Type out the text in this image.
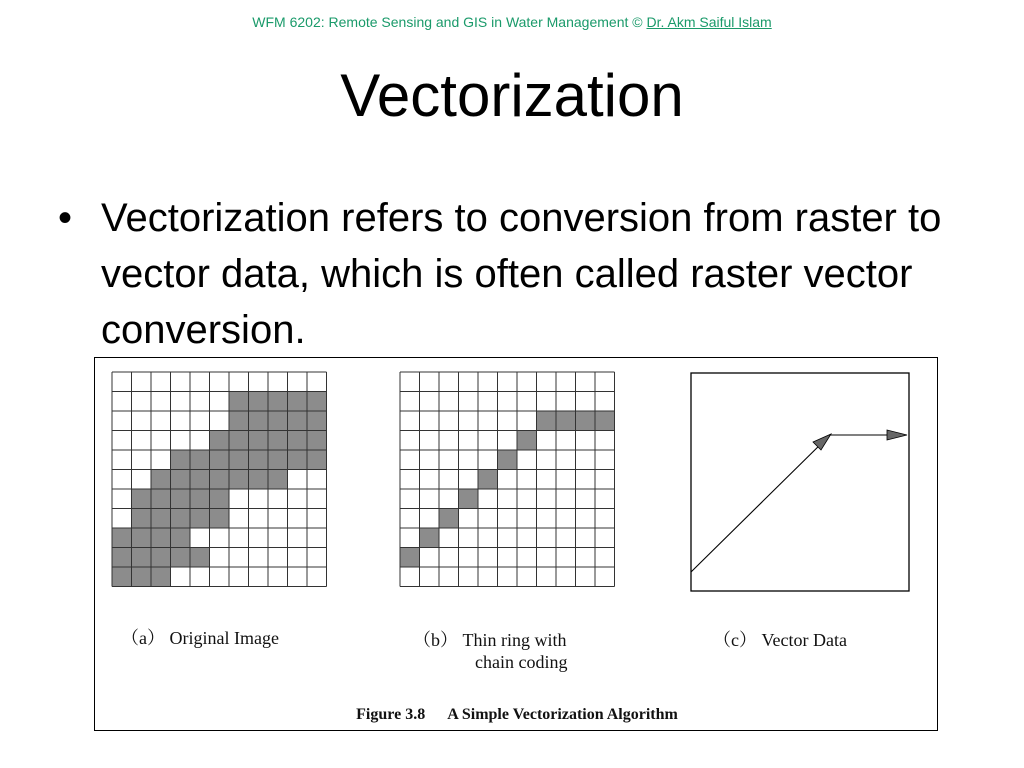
WFM 6202: Remote Sensing and GIS in Water Management © Dr. Akm Saiful Islam
Vectorization
• Vectorization refers to conversion from raster to vector data, which is often called raster vector conversion.
（a） Original Image	（b） Thin ring with
chain coding
（c） Vector Data
Figure 3.8 A Simple Vectorization Algorithm
